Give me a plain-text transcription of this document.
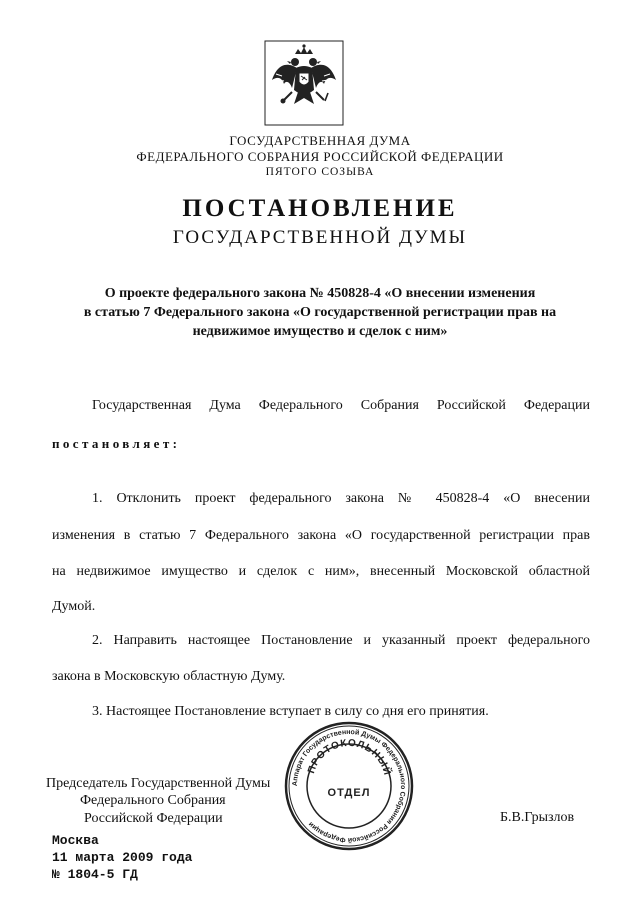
ГОСУДАРСТВЕННАЯ ДУМА
ФЕДЕРАЛЬНОГО СОБРАНИЯ РОССИЙСКОЙ ФЕДЕРАЦИИ
ПЯТОГО СОЗЫВА
ПОСТАНОВЛЕНИЕ
ГОСУДАРСТВЕННОЙ ДУМЫ
О проекте федерального закона № 450828-4 «О внесении изменения
в статью 7 Федерального закона «О государственной регистрации прав на
недвижимое имущество и сделок с ним»
Государственная Дума Федерального Собрания Российской Федерации
постановляет:
1. Отклонить проект федерального закона № 450828-4 «О внесении
изменения в статью 7 Федерального закона «О государственной регистрации прав
на недвижимое имущество и сделок с ним», внесенный Московской областной
Думой.
2. Направить настоящее Постановление и указанный проект федерального
закона в Московскую областную Думу.
3. Настоящее Постановление вступает в силу со дня его принятия.
Председатель Государственной Думы
Федерального Собрания
Российской Федерации	Б.В.Грызлов
Аппарат Государственной Думы Федерального Собрания Российской Федерации
ПРОТОКОЛЬНЫЙ
ОТДЕЛ
Москва
11 марта 2009 года
№ 1804-5 ГД
